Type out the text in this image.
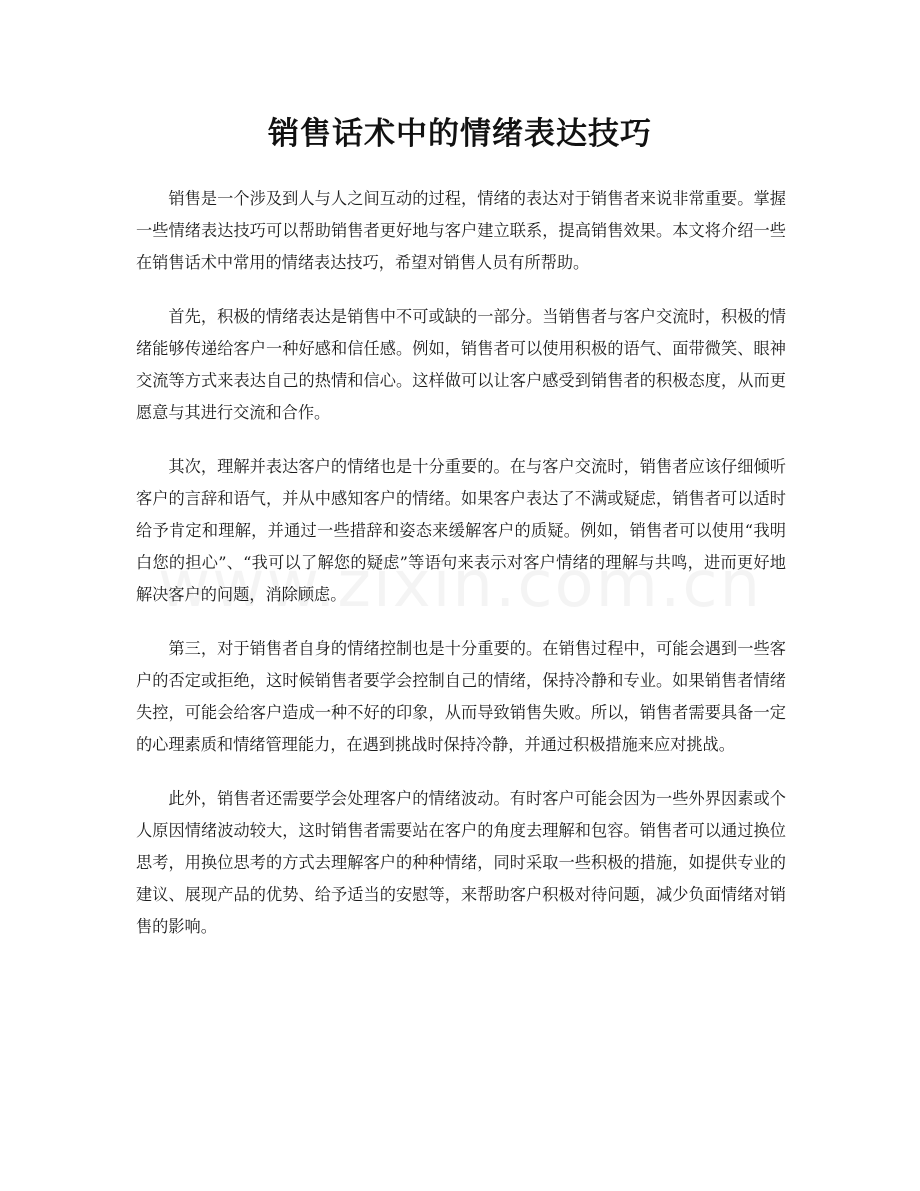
销售话术中的情绪表达技巧

销售是一个涉及到人与人之间互动的过程，情绪的表达对于销售者来说非常重要。掌握一些情绪表达技巧可以帮助销售者更好地与客户建立联系，提高销售效果。本文将介绍一些在销售话术中常用的情绪表达技巧，希望对销售人员有所帮助。

首先，积极的情绪表达是销售中不可或缺的一部分。当销售者与客户交流时，积极的情绪能够传递给客户一种好感和信任感。例如，销售者可以使用积极的语气、面带微笑、眼神交流等方式来表达自己的热情和信心。这样做可以让客户感受到销售者的积极态度，从而更愿意与其进行交流和合作。

其次，理解并表达客户的情绪也是十分重要的。在与客户交流时，销售者应该仔细倾听客户的言辞和语气，并从中感知客户的情绪。如果客户表达了不满或疑虑，销售者可以适时给予肯定和理解，并通过一些措辞和姿态来缓解客户的质疑。例如，销售者可以使用“我明白您的担心”、“我可以了解您的疑虑”等语句来表示对客户情绪的理解与共鸣，进而更好地解决客户的问题，消除顾虑。

第三，对于销售者自身的情绪控制也是十分重要的。在销售过程中，可能会遇到一些客户的否定或拒绝，这时候销售者要学会控制自己的情绪，保持冷静和专业。如果销售者情绪失控，可能会给客户造成一种不好的印象，从而导致销售失败。所以，销售者需要具备一定的心理素质和情绪管理能力，在遇到挑战时保持冷静，并通过积极措施来应对挑战。

此外，销售者还需要学会处理客户的情绪波动。有时客户可能会因为一些外界因素或个人原因情绪波动较大，这时销售者需要站在客户的角度去理解和包容。销售者可以通过换位思考，用换位思考的方式去理解客户的种种情绪，同时采取一些积极的措施，如提供专业的建议、展现产品的优势、给予适当的安慰等，来帮助客户积极对待问题，减少负面情绪对销售的影响。
